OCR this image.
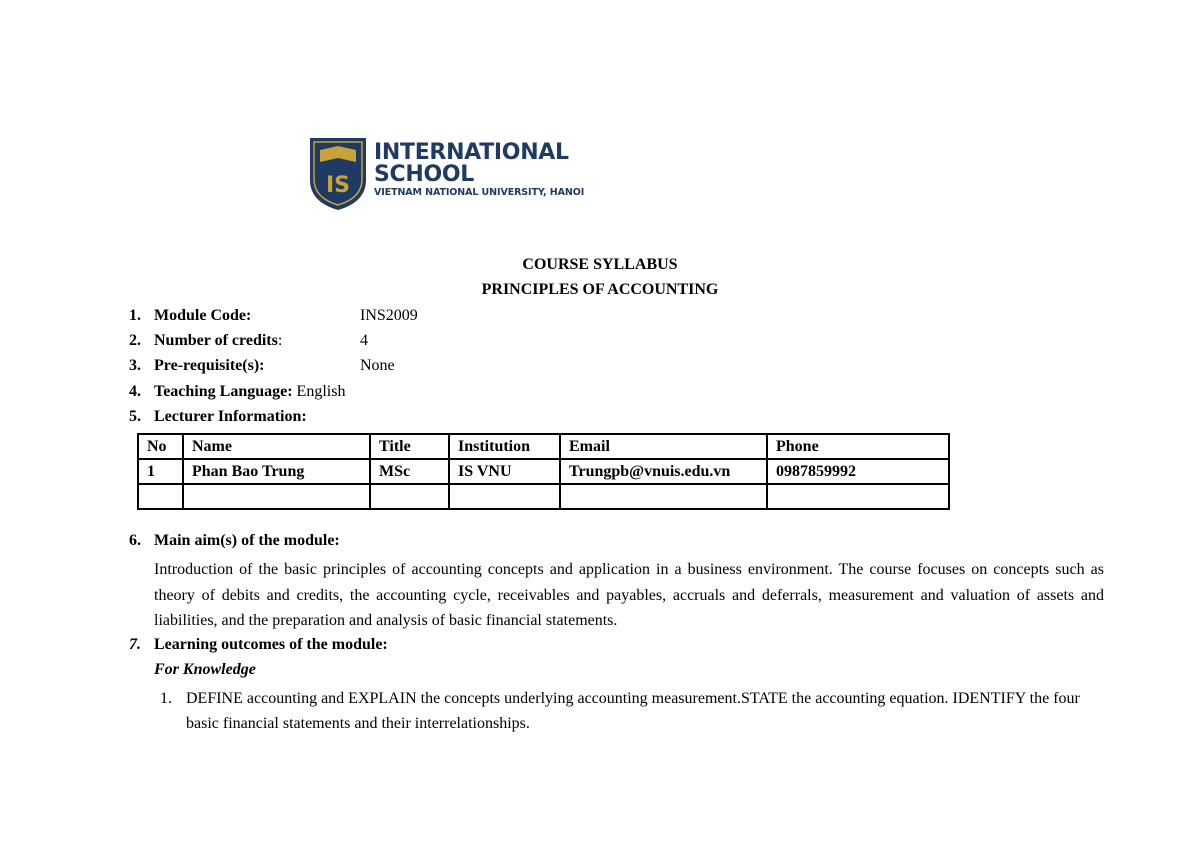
IS
INTERNATIONAL
SCHOOL
VIETNAM NATIONAL UNIVERSITY, HANOI
COURSE SYLLABUS
PRINCIPLES OF ACCOUNTING
1. Module Code:	INS2009
2. Number of credits:	4
3. Pre-requisite(s):	None
4. Teaching Language: English
5. Lecturer Information:
No	Name	Title	Institution	Email	Phone
1	Phan Bao Trung	MSc	IS VNU	Trungpb@vnuis.edu.vn	0987859992

6. Main aim(s) of the module:
Introduction of the basic principles of accounting concepts and application in a business environment. The course focuses on concepts such as theory of debits and credits, the accounting cycle, receivables and payables, accruals and deferrals, measurement and valuation of assets and liabilities, and the preparation and analysis of basic financial statements.
7. Learning outcomes of the module:
For Knowledge
1. DEFINE accounting and EXPLAIN the concepts underlying accounting measurement.STATE the accounting equation. IDENTIFY the four basic financial statements and their interrelationships.
